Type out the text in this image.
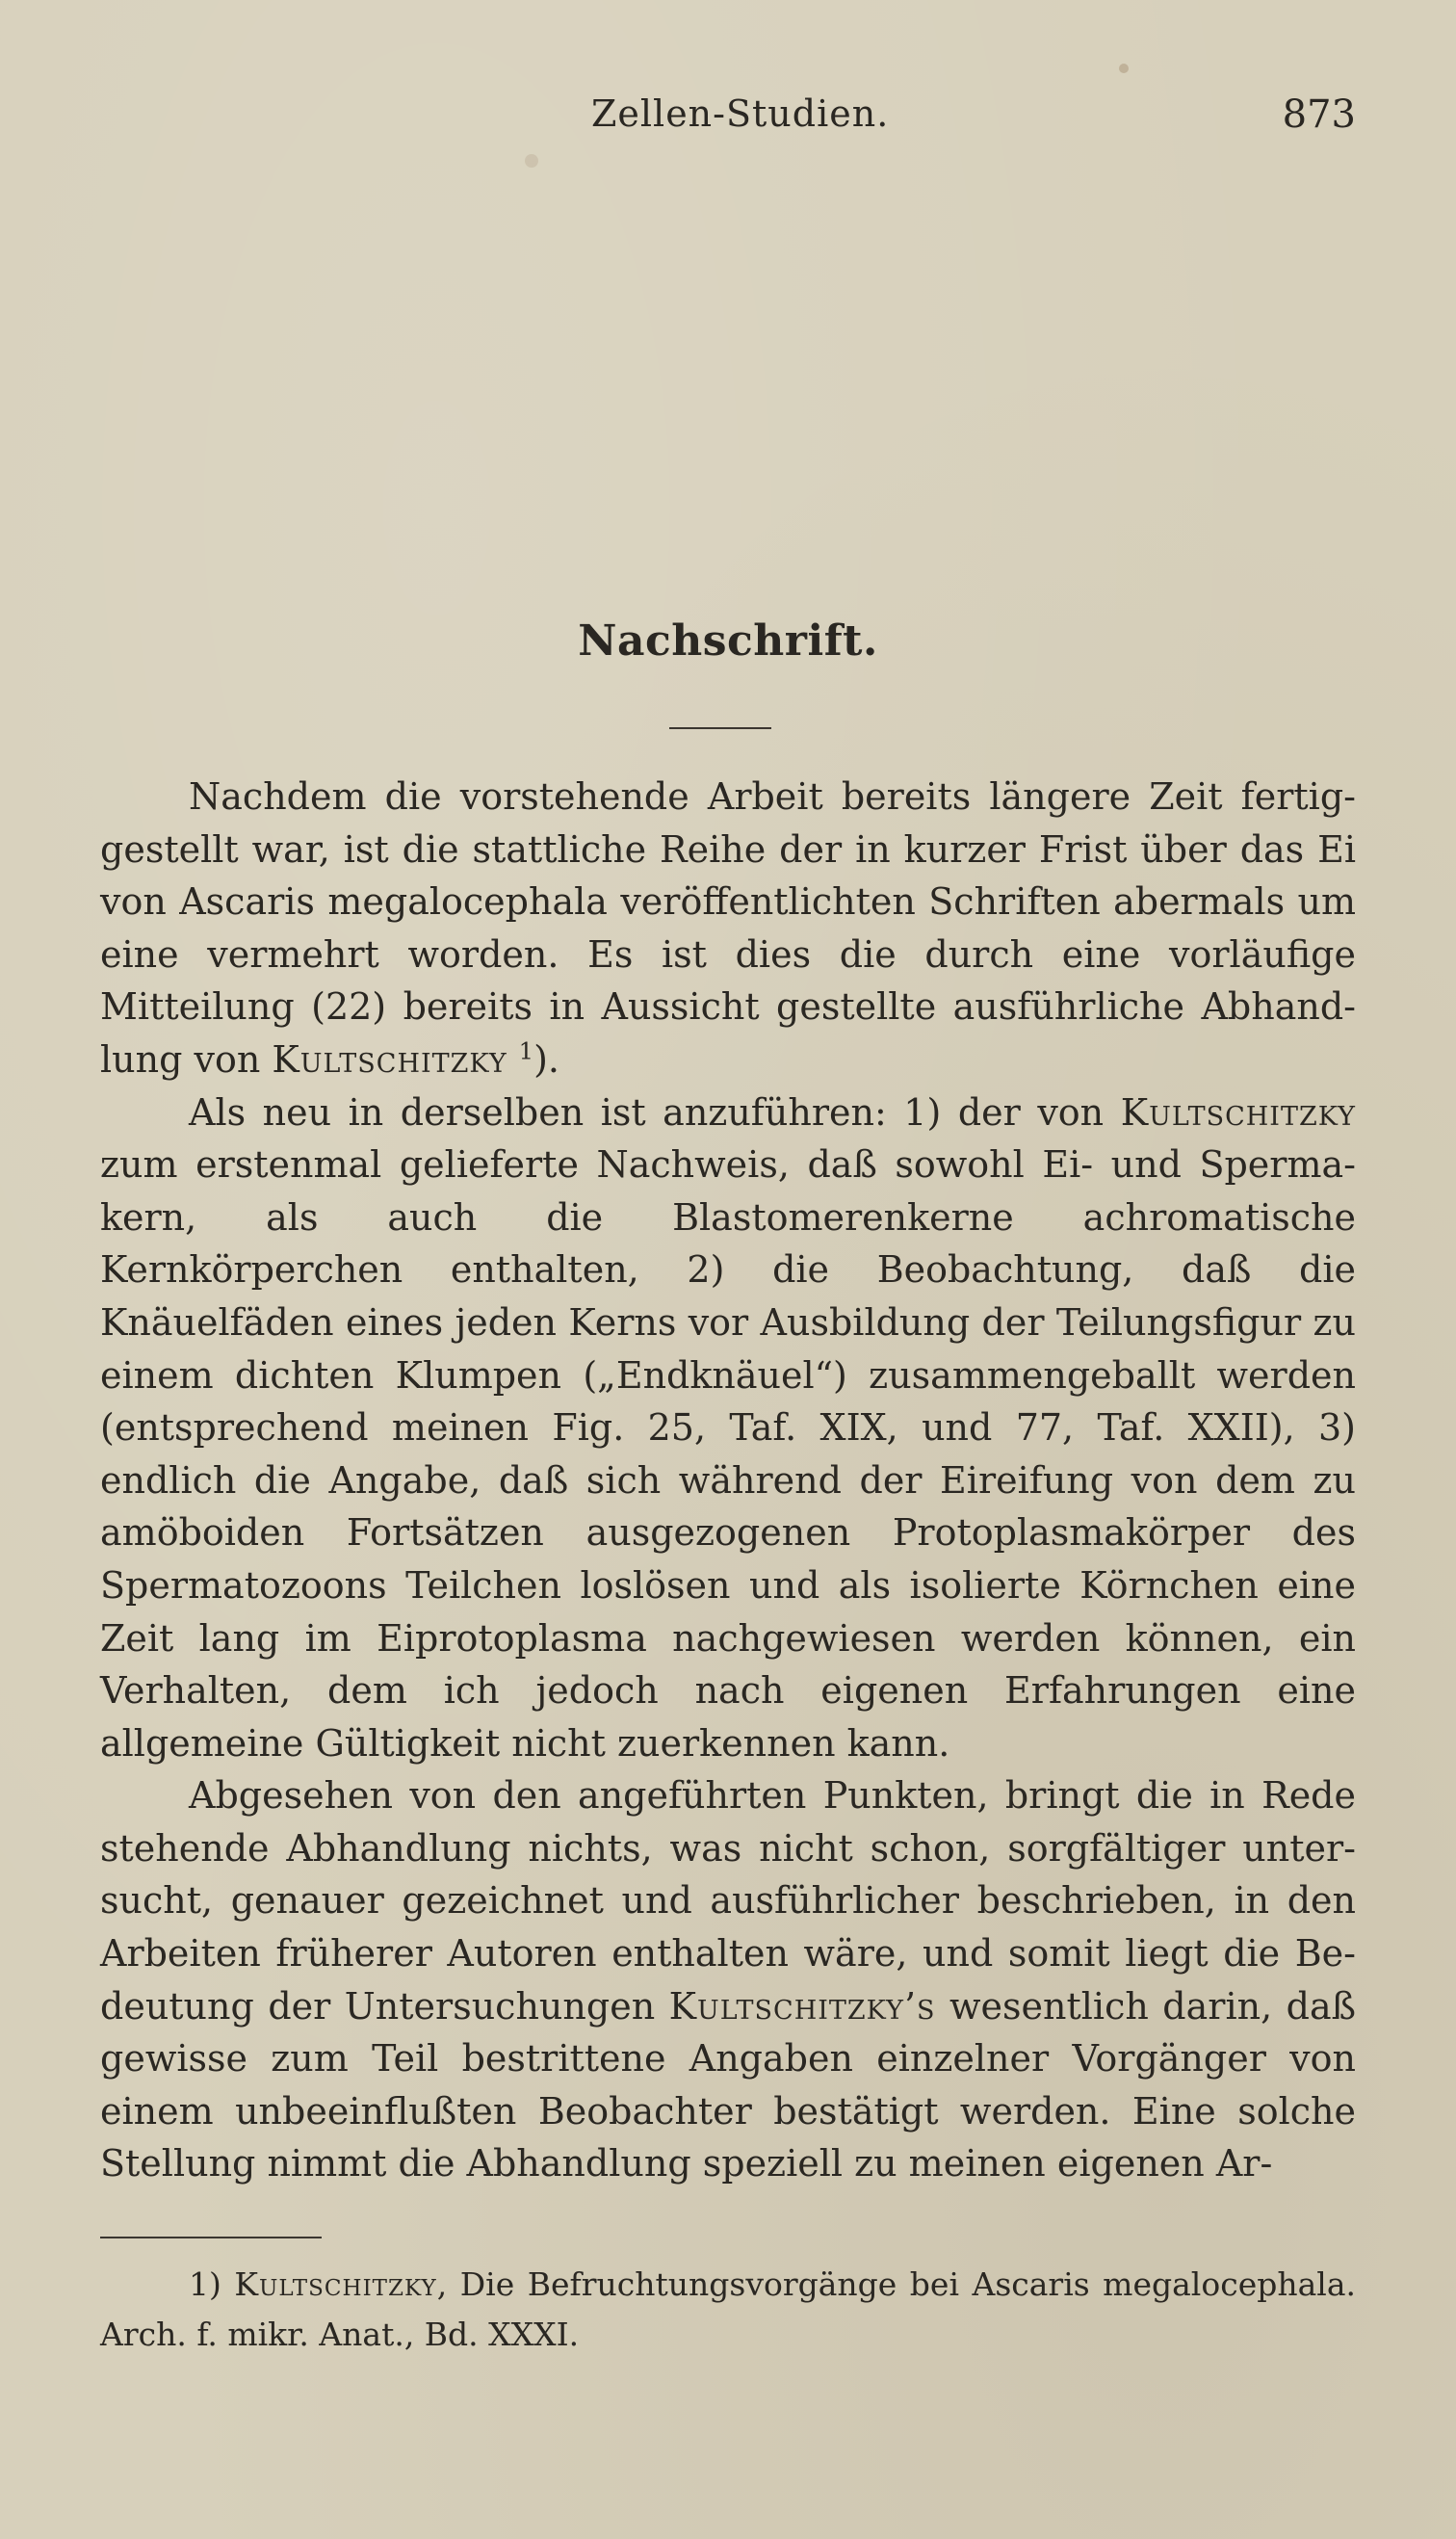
Zellen-Studien.	873
Nachschrift.

Nachdem die vorstehende Arbeit bereits längere Zeit fertiggestellt war, ist die stattliche Reihe der in kurzer Frist über das Ei von Ascaris megalocephala veröffentlichten Schriften abermals um eine vermehrt worden. Es ist dies die durch eine vorläufige Mitteilung (22) bereits in Aussicht gestellte ausführliche Abhandlung von Kultschitzky $^1$).

Als neu in derselben ist anzuführen: 1) der von Kultschitzky zum erstenmal gelieferte Nachweis, daß sowohl Ei- und Spermakern, als auch die Blastomerenkerne achromatische Kernkörperchen enthalten, 2) die Beobachtung, daß die Knäuelfäden eines jeden Kerns vor Ausbildung der Teilungsfigur zu einem dichten Klumpen („Endknäuel“) zusammengeballt werden (entsprechend meinen Fig. 25, Taf. XIX, und 77, Taf. XXII), 3) endlich die Angabe, daß sich während der Eireifung von dem zu amöboiden Fortsätzen ausgezogenen Protoplasmakörper des Spermatozoons Teilchen loslösen und als isolierte Körnchen eine Zeit lang im Eiprotoplasma nachgewiesen werden können, ein Verhalten, dem ich jedoch nach eigenen Erfahrungen eine allgemeine Gültigkeit nicht zuerkennen kann.

Abgesehen von den angeführten Punkten, bringt die in Rede stehende Abhandlung nichts, was nicht schon, sorgfältiger untersucht, genauer gezeichnet und ausführlicher beschrieben, in den Arbeiten früherer Autoren enthalten wäre, und somit liegt die Bedeutung der Untersuchungen Kultschitzky’s wesentlich darin, daß gewisse zum Teil bestrittene Angaben einzelner Vorgänger von einem unbeeinflußten Beobachter bestätigt werden. Eine solche Stellung nimmt die Abhandlung speziell zu meinen eigenen Ar-

1) Kultschitzky, Die Befruchtungsvorgänge bei Ascaris megalocephala. Arch. f. mikr. Anat., Bd. XXXI.
